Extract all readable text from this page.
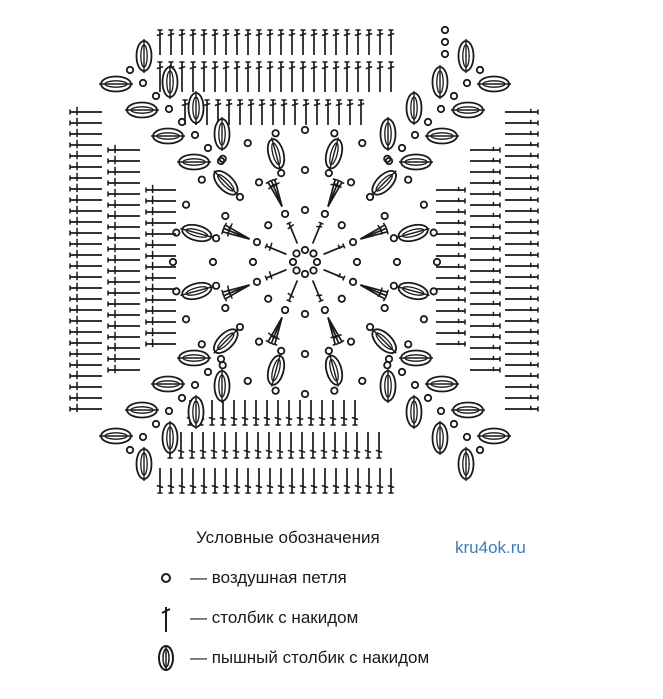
Условные обозначения
kru4ok.ru
— воздушная петля
— столбик с накидом
— пышный столбик с накидом
